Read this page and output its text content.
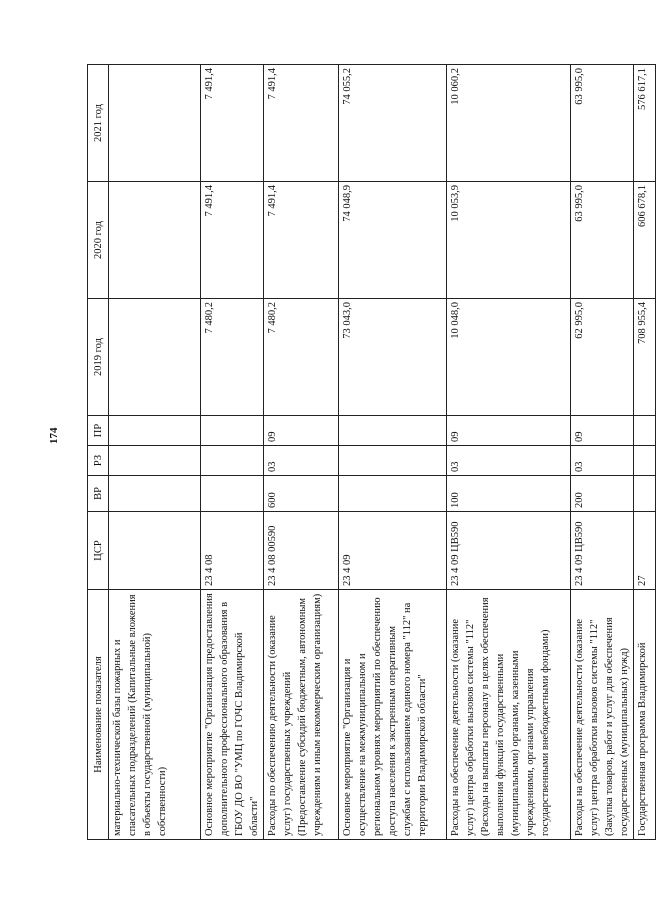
174
Наименование показателя	ЦСР	ВР	РЗ	ПР	2019 год	2020 год	2021 год
материально-технической базы пожарных и спасательных подразделений (Капитальные вложения в объекты государственной (муниципальной) собственности)							
Основное мероприятие "Организация предоставления дополнительного профессионального образования в ГБОУ ДО ВО "УМЦ по ГОЧС Владимирской области"	23 4 08				7 480,2	7 491,4	7 491,4
Расходы по обеспечению деятельности (оказание услуг) государственных учреждений (Предоставление субсидий бюджетным, автономным учреждениям и иным некоммерческим организациям)	23 4 08 00590	600	03	09	7 480,2	7 491,4	7 491,4
Основное мероприятие "Организация и осуществление на межмуниципальном и региональном уровнях мероприятий по обеспечению доступа населения к экстренным оперативным службам с использованием единого номера "112" на территории Владимирской области"	23 4 09				73 043,0	74 048,9	74 055,2
Расходы на обеспечение деятельности (оказание услуг) центра обработки вызовов системы "112" (Расходы на выплаты персоналу в целях обеспечения выполнения функций государственными (муниципальными) органами, казенными учреждениями, органами управления государственными внебюджетными фондами)	23 4 09 ЦВ590	100	03	09	10 048,0	10 053,9	10 060,2
Расходы на обеспечение деятельности (оказание услуг) центра обработки вызовов системы "112" (Закупка товаров, работ и услуг для обеспечения государственных (муниципальных) нужд)	23 4 09 ЦВ590	200	03	09	62 995,0	63 995,0	63 995,0
Государственная программа Владимирской	27				708 955,4	606 678,1	576 617,1
